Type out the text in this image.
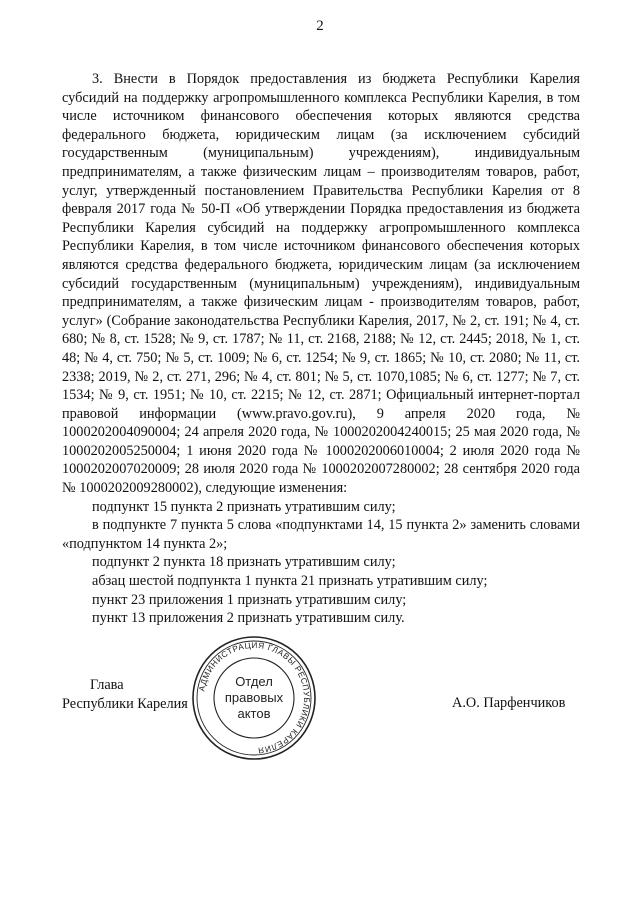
2

3. Внести в Порядок предоставления из бюджета Республики Карелия субсидий на поддержку агропромышленного комплекса Республики Карелия, в том числе источником финансового обеспечения которых являются средства федерального бюджета, юридическим лицам (за исключением субсидий государственным (муниципальным) учреждениям), индивидуальным предпринимателям, а также физическим лицам – производителям товаров, работ, услуг, утвержденный постановлением Правительства Республики Карелия от 8 февраля 2017 года № 50-П «Об утверждении Порядка предоставления из бюджета Республики Карелия субсидий на поддержку агропромышленного комплекса Республики Карелия, в том числе источником финансового обеспечения которых являются средства федерального бюджета, юридическим лицам (за исключением субсидий государственным (муниципальным) учреждениям), индивидуальным предпринимателям, а также физическим лицам - производителям товаров, работ, услуг» (Собрание законодательства Республики Карелия, 2017, № 2, ст. 191; № 4, ст. 680; № 8, ст. 1528; № 9, ст. 1787; № 11, ст. 2168, 2188; № 12, ст. 2445; 2018, № 1, ст. 48; № 4, ст. 750; № 5, ст. 1009; № 6, ст. 1254; № 9, ст. 1865; № 10, ст. 2080; № 11, ст. 2338; 2019, № 2, ст. 271, 296; № 4, ст. 801; № 5, ст. 1070,1085; № 6, ст. 1277; № 7, ст. 1534; № 9, ст. 1951; № 10, ст. 2215; № 12, ст. 2871; Официальный интернет-портал правовой информации (www.pravo.gov.ru), 9 апреля 2020 года, № 1000202004090004; 24 апреля 2020 года, № 1000202004240015; 25 мая 2020 года, № 1000202005250004; 1 июня 2020 года № 1000202006010004; 2 июля 2020 года № 1000202007020009; 28 июля 2020 года № 1000202007280002; 28 сентября 2020 года № 1000202009280002), следующие изменения:

подпункт 15 пункта 2 признать утратившим силу;

в подпункте 7 пункта 5 слова «подпунктами 14, 15 пункта 2» заменить словами «подпунктом 14 пункта 2»;

подпункт 2 пункта 18 признать утратившим силу;

абзац шестой подпункта 1 пункта 21 признать утратившим силу;

пункт 23 приложения 1 признать утратившим силу;

пункт 13 приложения 2 признать утратившим силу.

Глава
Республики Карелия
АДМИНИСТРАЦИЯ ГЛАВЫ РЕСПУБЛИКИ КАРЕЛИЯ
Отдел
правовых
актов
А.О. Парфенчиков
